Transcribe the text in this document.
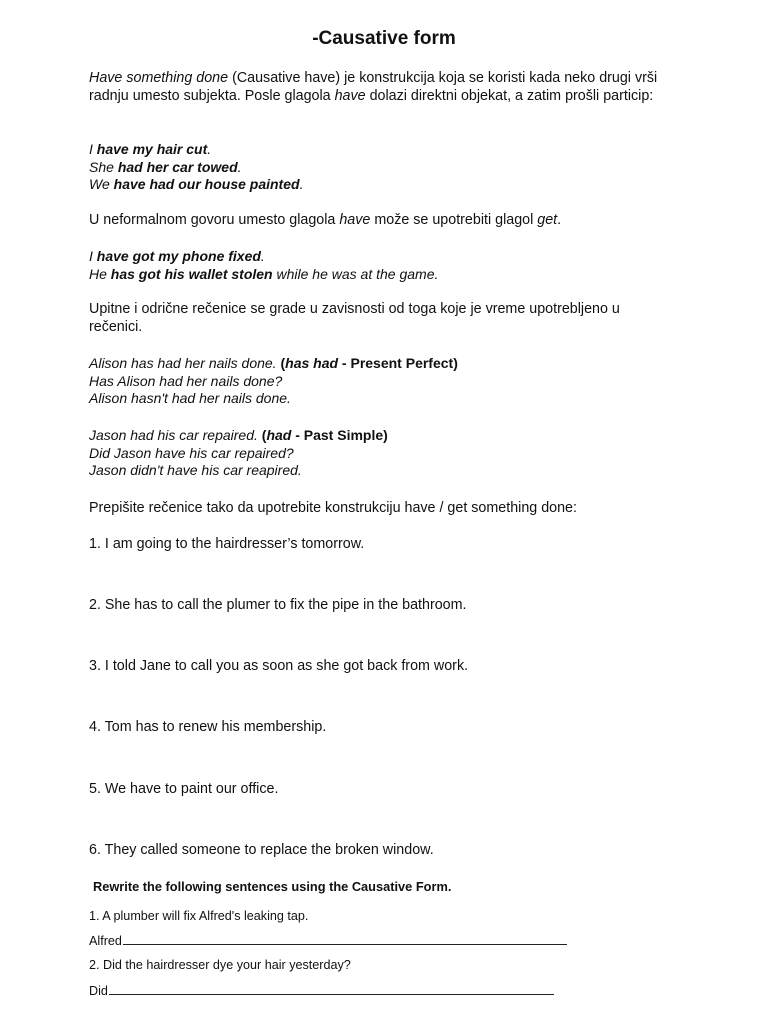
-Causative form
Have something done (Causative have) je konstrukcija koja se koristi kada neko drugi vrši radnju umesto subjekta. Posle glagola have dolazi direktni objekat, a zatim prošli particip:
I have my hair cut.
She had her car towed.
We have had our house painted.
U neformalnom govoru umesto glagola have može se upotrebiti glagol get.
I have got my phone fixed.
He has got his wallet stolen while he was at the game.
Upitne i odrične rečenice se grade u zavisnosti od toga koje je vreme upotrebljeno u rečenici.
Alison has had her nails done. (has had - Present Perfect)
Has Alison had her nails done?
Alison hasn't had her nails done.
Jason had his car repaired. (had - Past Simple)
Did Jason have his car repaired?
Jason didn't have his car reapired.
Prepišite rečenice tako da upotrebite konstrukciju have / get something done:
1. I am going to the hairdresser’s tomorrow.
2. She has to call the plumer to fix the pipe in the bathroom.
3. I told Jane to call you as soon as she got back from work.
4. Tom has to renew his membership.
5. We have to paint our office.
6. They called someone to replace the broken window.
Rewrite the following sentences using the Causative Form.
1. A plumber will fix Alfred's leaking tap.
Alfred
2. Did the hairdresser dye your hair yesterday?
Did
